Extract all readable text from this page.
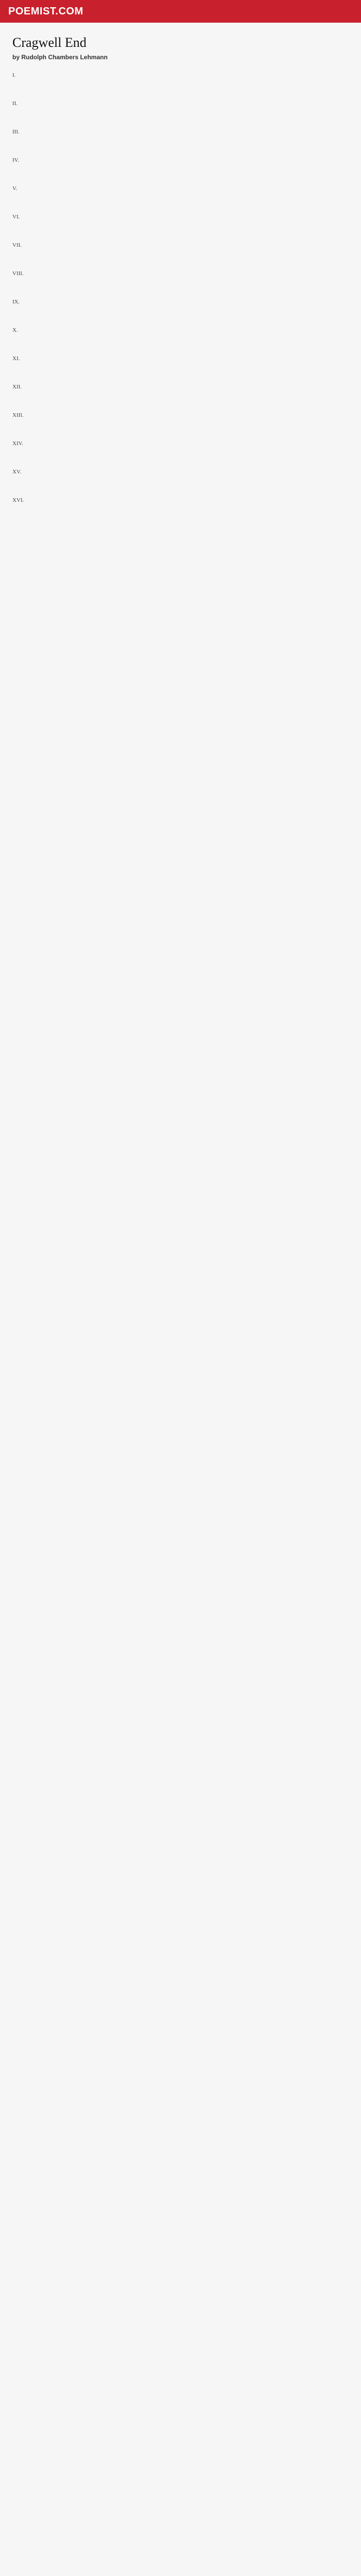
POEMIST.COM
Cragwell End
by Rudolph Chambers Lehmann
I.

II.

III.

IV.

V.

VI.

VII.

VIII.

IX.

X.

XI.

XII.

XIII.

XIV.

XV.

XVI.
